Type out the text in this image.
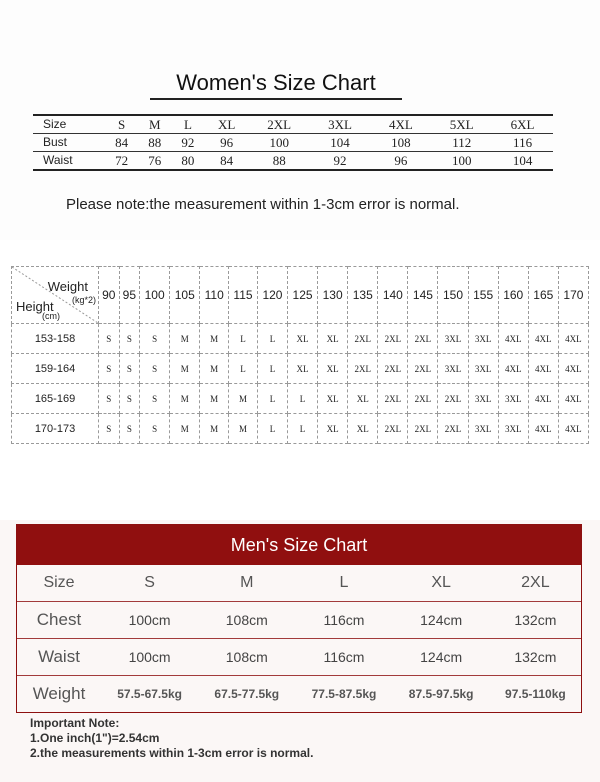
Women's Size Chart
Size	S	M	L	XL	2XL	3XL	4XL	5XL	6XL
Bust	84	88	92	96	100	104	108	112	116
Waist	72	76	80	84	88	92	96	100	104
Please note:the measurement within 1-3cm error is normal.
Weight
(kg*2)
Height
(cm)	90	95	100	105	110	115	120	125	130	135	140	145	150	155	160	165	170
153-158	S	S	S	M	M	L	L	XL	XL	2XL	2XL	2XL	3XL	3XL	4XL	4XL	4XL
159-164	S	S	S	M	M	L	L	XL	XL	2XL	2XL	2XL	3XL	3XL	4XL	4XL	4XL
165-169	S	S	S	M	M	M	L	L	XL	XL	2XL	2XL	2XL	3XL	3XL	4XL	4XL
170-173	S	S	S	M	M	M	L	L	XL	XL	2XL	2XL	2XL	3XL	3XL	4XL	4XL
Men's Size Chart
Size	S	M	L	XL	2XL
Chest	100cm	108cm	116cm	124cm	132cm
Waist	100cm	108cm	116cm	124cm	132cm
Weight	57.5-67.5kg	67.5-77.5kg	77.5-87.5kg	87.5-97.5kg	97.5-110kg
Important Note:
1.One inch(1")=2.54cm
2.the measurements within 1-3cm error is normal.
